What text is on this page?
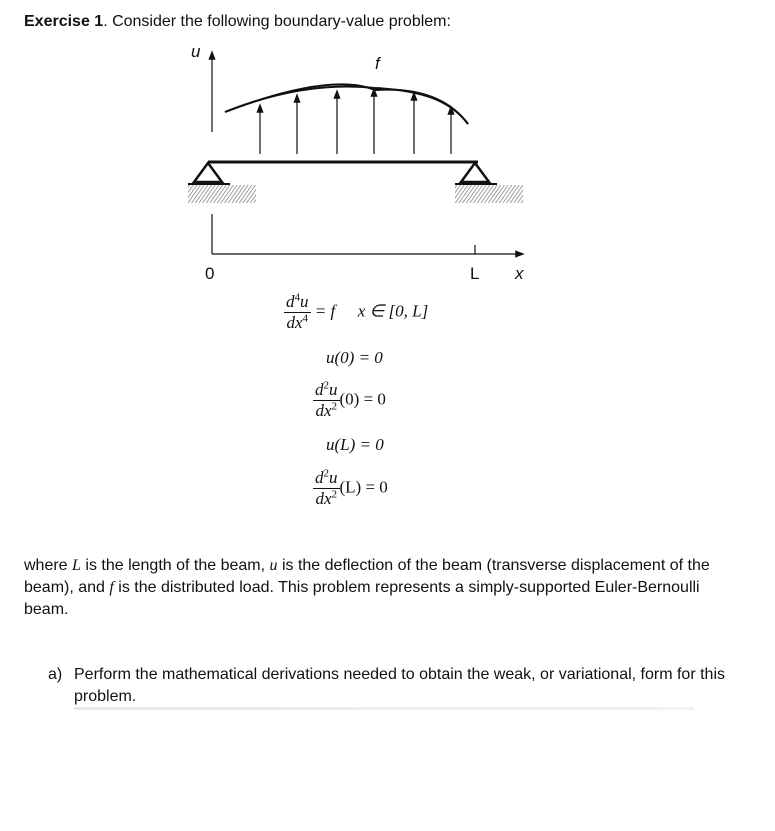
Exercise 1. Consider the following boundary-value problem:
u
f
0	L x
$\frac{d^4u}{dx^4} = f$ x ∈ [0, L]
u(0) = 0
$\frac{d^2u}{dx^2} (0) = 0$
u(L) = 0
$\frac{d^2u}{dx^2} (L) = 0$
where L is the length of the beam, u is the deflection of the beam (transverse displacement of the beam), and f is the distributed load. This problem represents a simply-supported Euler-Bernoulli beam.
a) Perform the mathematical derivations needed to obtain the weak, or variational, form for this problem.
